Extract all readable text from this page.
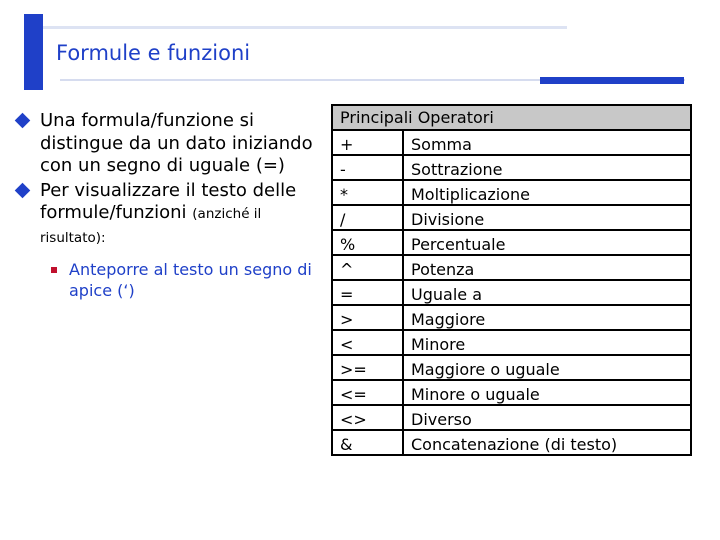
Formule e funzioni
Una formula/funzione si distingue da un dato iniziando con un segno di uguale (=)
Per visualizzare il testo delle formule/funzioni (anziché il risultato):
Anteporre al testo un segno di apice (‘)
Principali Operatori	
+	Somma
-	Sottrazione
*	Moltiplicazione
/	Divisione
%	Percentuale
^	Potenza
=	Uguale a
>	Maggiore
<	Minore
>=	Maggiore o uguale
<=	Minore o uguale
<>	Diverso
&	Concatenazione (di testo)
